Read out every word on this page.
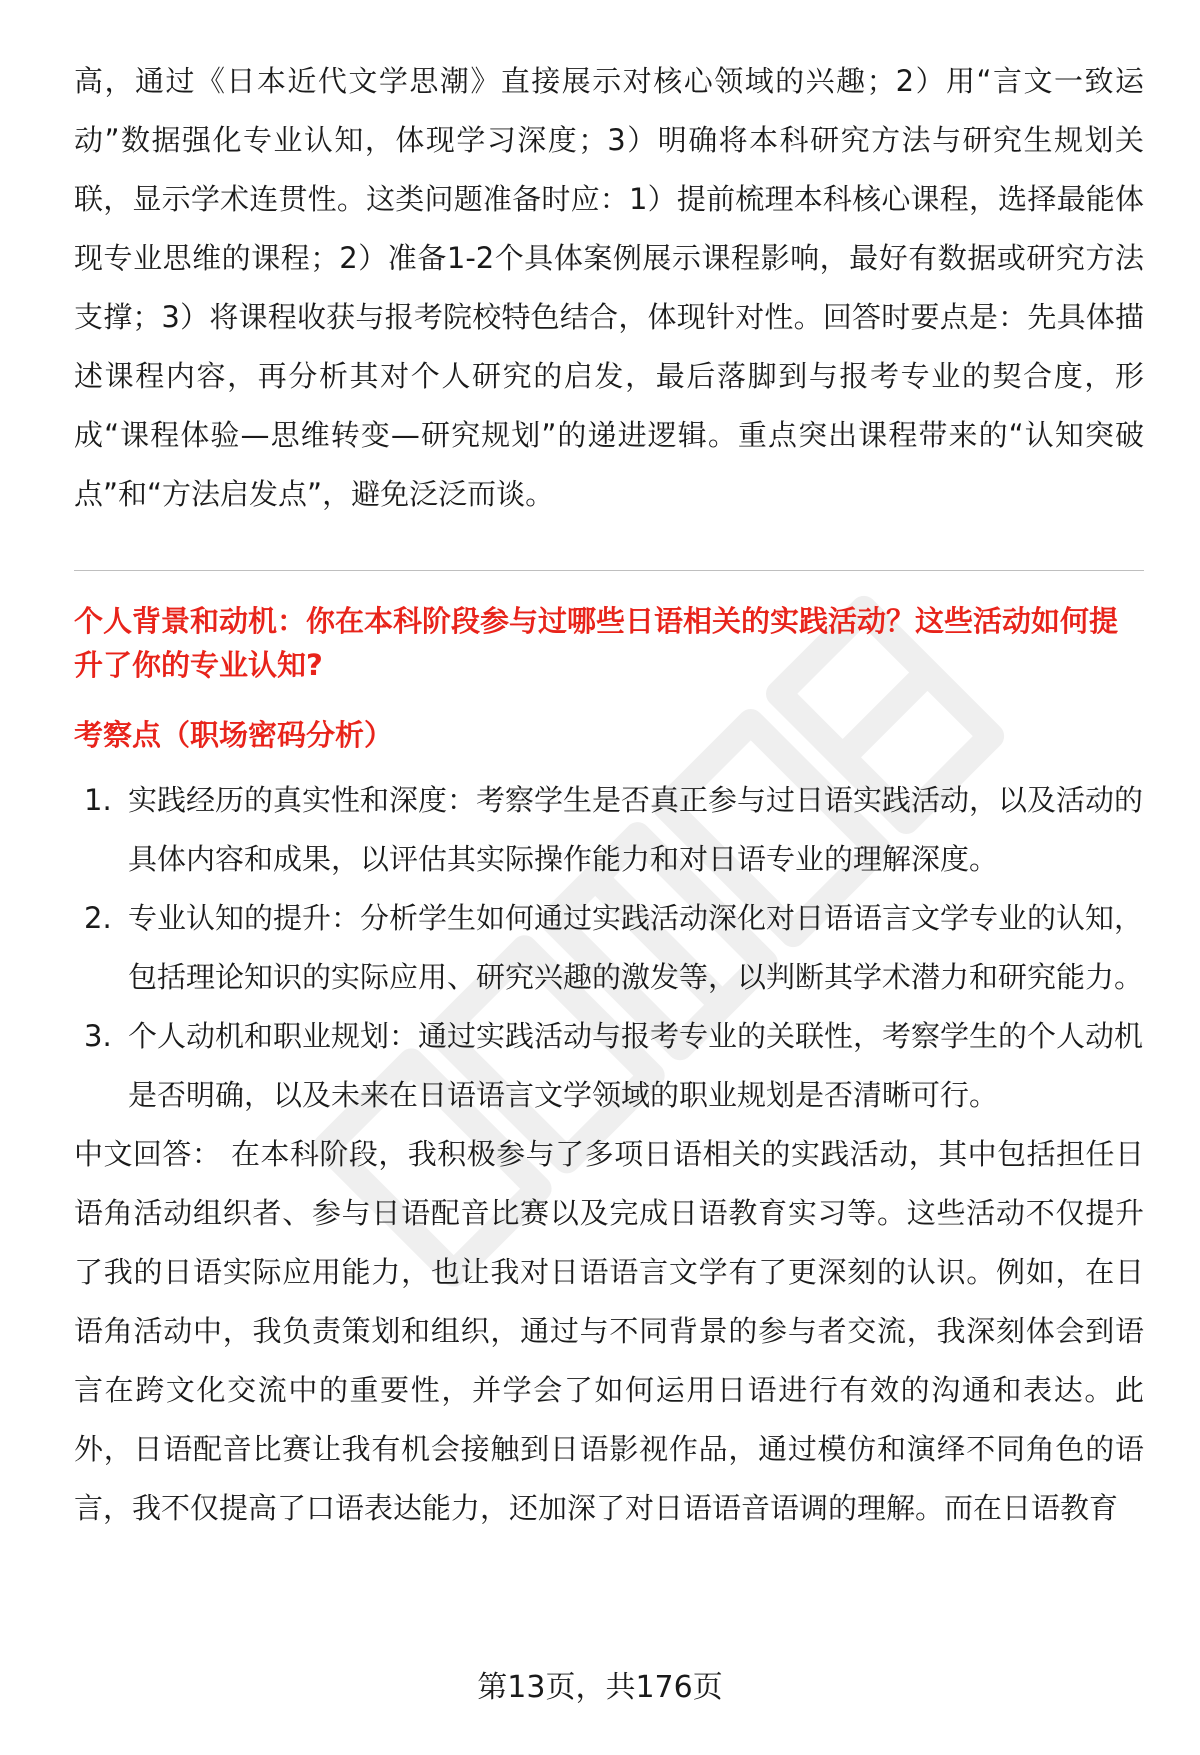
高，通过《日本近代文学思潮》直接展示对核心领域的兴趣；2）用“言文一致运动”数据强化专业认知，体现学习深度；3）明确将本科研究方法与研究生规划关联，显示学术连贯性。这类问题准备时应：1）提前梳理本科核心课程，选择最能体现专业思维的课程；2）准备1-2个具体案例展示课程影响，最好有数据或研究方法支撑；3）将课程收获与报考院校特色结合，体现针对性。回答时要点是：先具体描述课程内容，再分析其对个人研究的启发，最后落脚到与报考专业的契合度，形成“课程体验—思维转变—研究规划”的递进逻辑。重点突出课程带来的“认知突破点”和“方法启发点”，避免泛泛而谈。

个人背景和动机：你在本科阶段参与过哪些日语相关的实践活动？这些活动如何提升了你的专业认知?

考察点（职场密码分析）

1. 实践经历的真实性和深度：考察学生是否真正参与过日语实践活动，以及活动的具体内容和成果，以评估其实际操作能力和对日语专业的理解深度。
2. 专业认知的提升：分析学生如何通过实践活动深化对日语语言文学专业的认知，包括理论知识的实际应用、研究兴趣的激发等，以判断其学术潜力和研究能力。
3. 个人动机和职业规划：通过实践活动与报考专业的关联性，考察学生的个人动机是否明确，以及未来在日语语言文学领域的职业规划是否清晰可行。

中文回答： 在本科阶段，我积极参与了多项日语相关的实践活动，其中包括担任日语角活动组织者、参与日语配音比赛以及完成日语教育实习等。这些活动不仅提升了我的日语实际应用能力，也让我对日语语言文学有了更深刻的认识。例如，在日语角活动中，我负责策划和组织，通过与不同背景的参与者交流，我深刻体会到语言在跨文化交流中的重要性，并学会了如何运用日语进行有效的沟通和表达。此外，日语配音比赛让我有机会接触到日语影视作品，通过模仿和演绎不同角色的语言，我不仅提高了口语表达能力，还加深了对日语语音语调的理解。而在日语教育

第13页，共176页
